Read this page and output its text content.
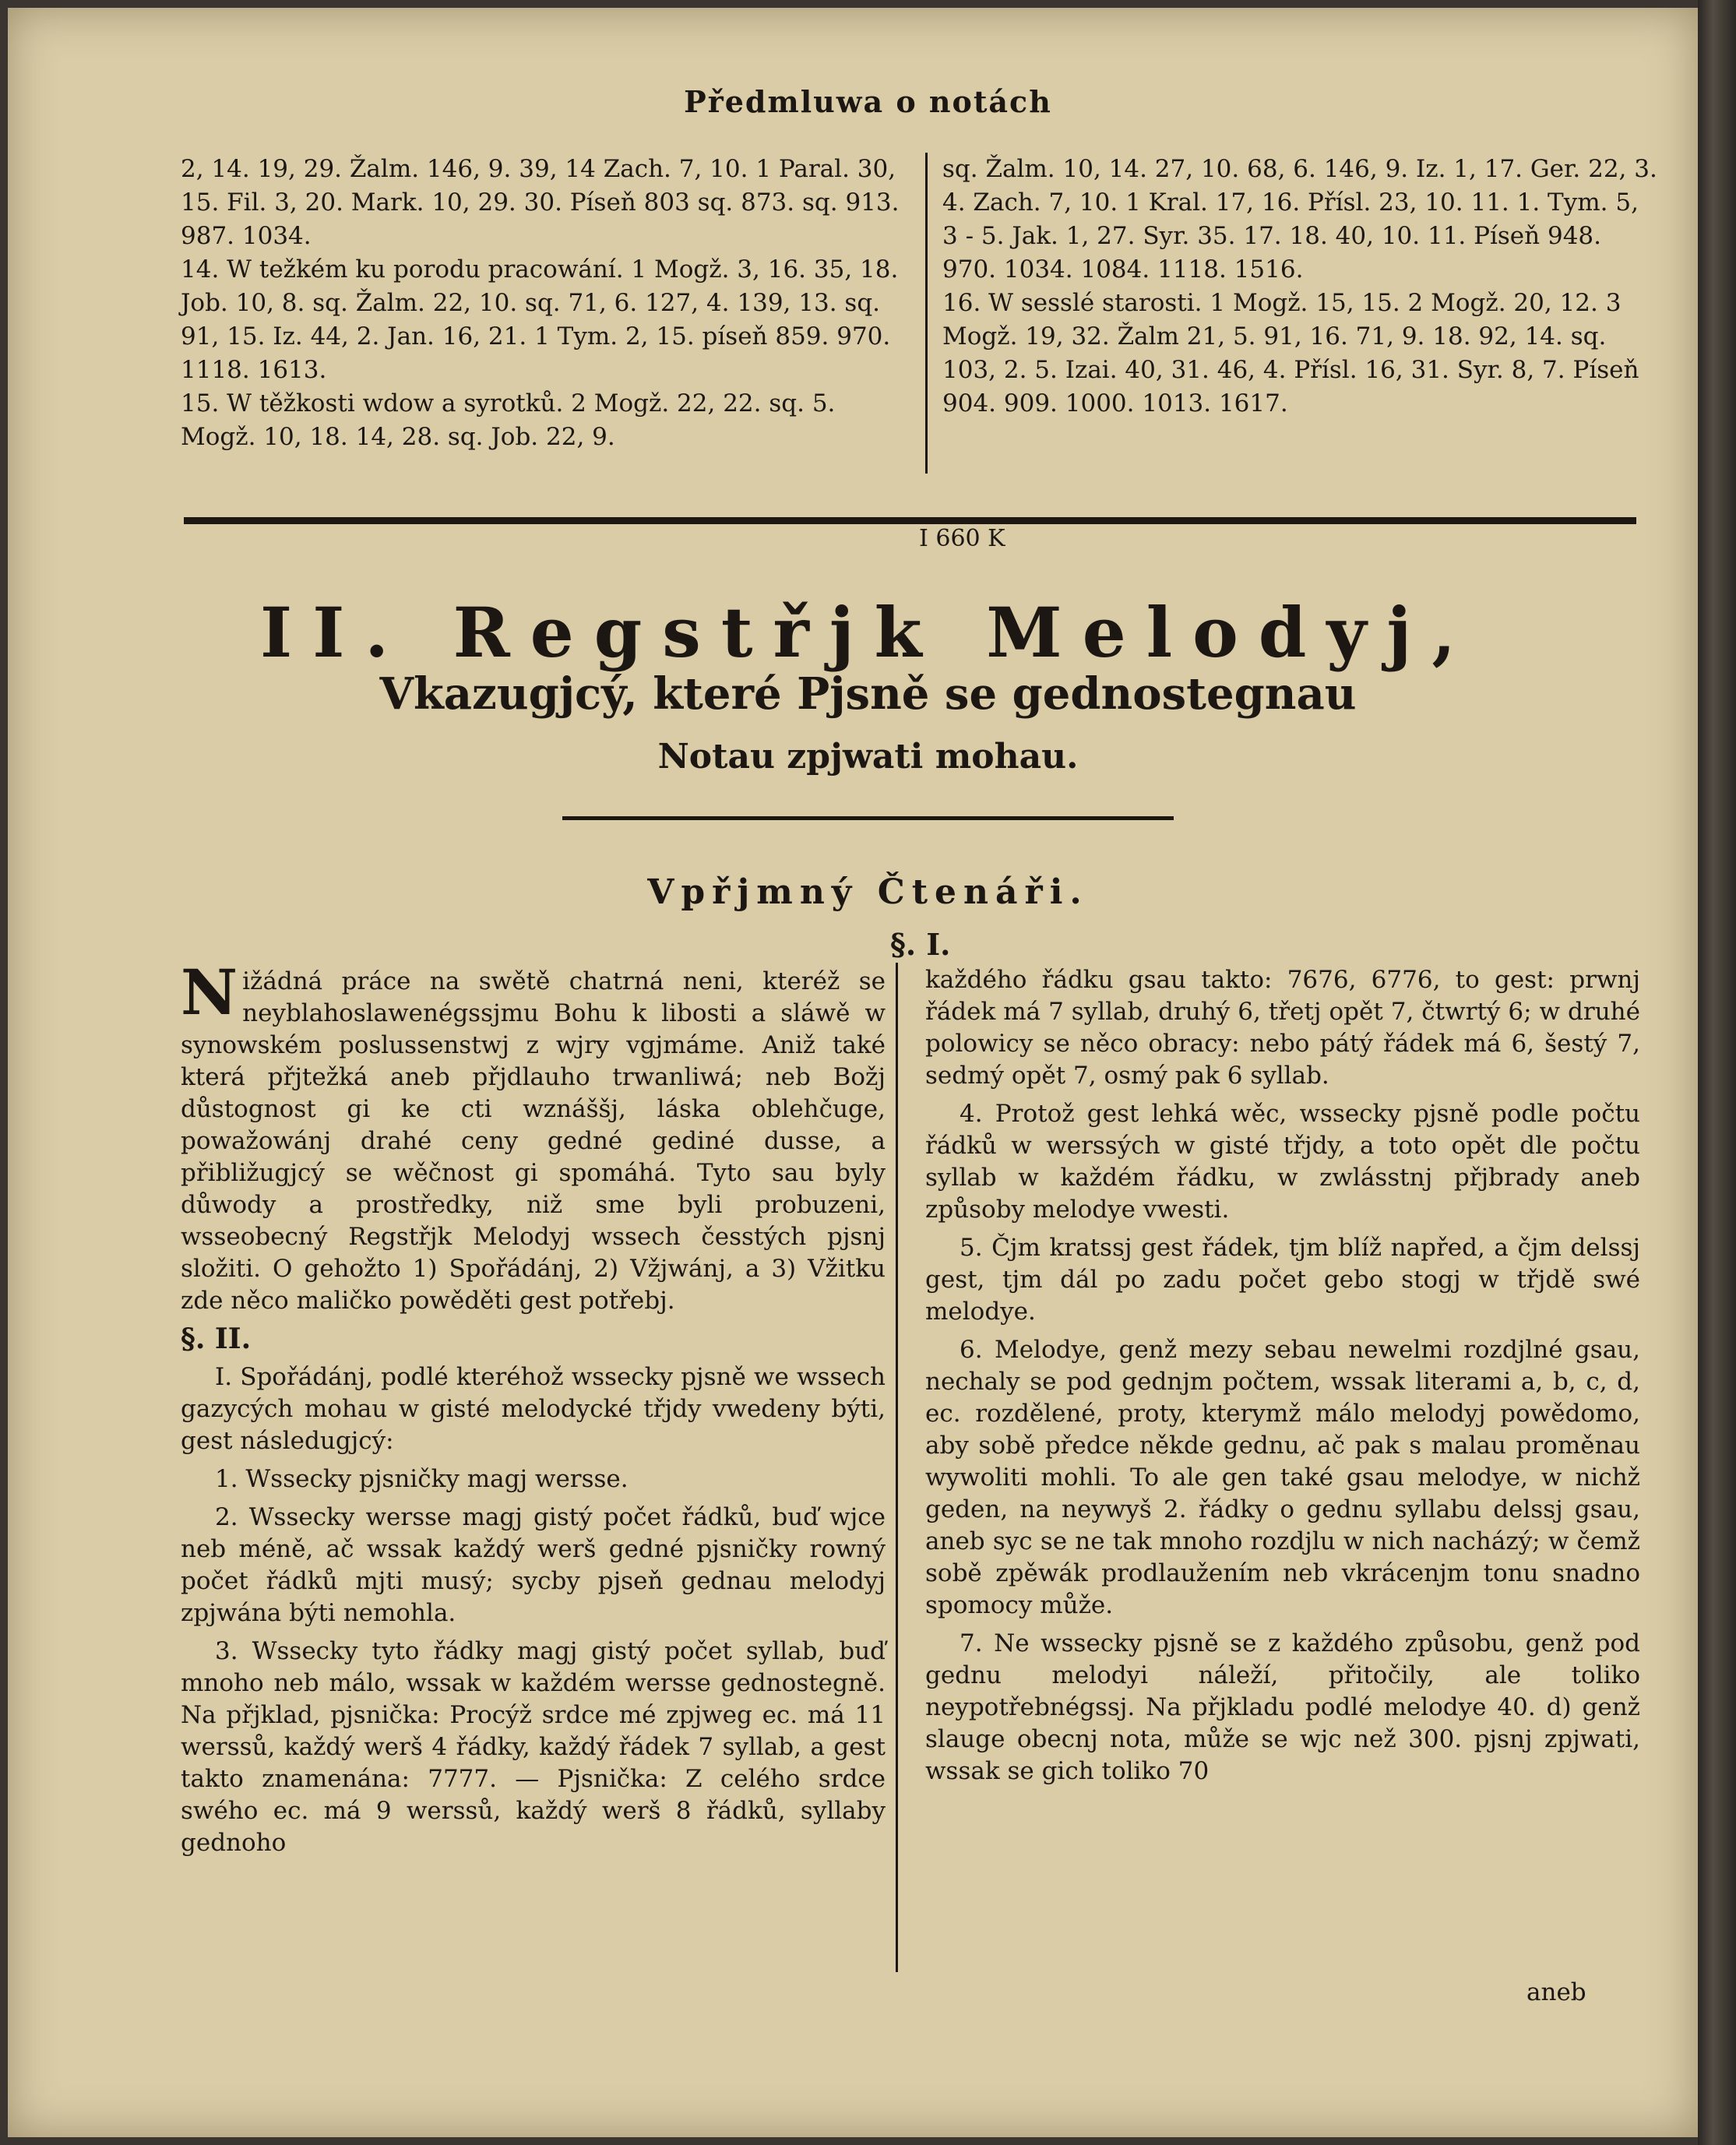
Předmluwa o notách

2, 14. 19, 29. Žalm. 146, 9. 39, 14 Zach. 7, 10. 1 Paral. 30, 15. Fil. 3, 20. Mark. 10, 29. 30. Píseň 803 sq. 873. sq. 913. 987. 1034.

14. W težkém ku porodu pracowání. 1 Mogž. 3, 16. 35, 18. Job. 10, 8. sq. Žalm. 22, 10. sq. 71, 6. 127, 4. 139, 13. sq. 91, 15. Iz. 44, 2. Jan. 16, 21. 1 Tym. 2, 15. píseň 859. 970. 1118. 1613.

15. W těžkosti wdow a syrotků. 2 Mogž. 22, 22. sq. 5. Mogž. 10, 18. 14, 28. sq. Job. 22, 9.

sq. Žalm. 10, 14. 27, 10. 68, 6. 146, 9. Iz. 1, 17. Ger. 22, 3. 4. Zach. 7, 10. 1 Kral. 17, 16. Přísl. 23, 10. 11. 1. Tym. 5, 3 - 5. Jak. 1, 27. Syr. 35. 17. 18. 40, 10. 11. Píseň 948. 970. 1034. 1084. 1118. 1516.

16. W sesslé starosti. 1 Mogž. 15, 15. 2 Mogž. 20, 12. 3 Mogž. 19, 32. Žalm 21, 5. 91, 16. 71, 9. 18. 92, 14. sq. 103, 2. 5. Izai. 40, 31. 46, 4. Přísl. 16, 31. Syr. 8, 7. Píseň 904. 909. 1000. 1013. 1617.

I 660 K
II. Regstřjk Melodyj,
Vkazugjcý, které Pjsně se gednostegnau
Notau zpjwati mohau.
Vpřjmný Čtenáři.
§. I.

Nižádná práce na swětě chatrná neni, kteréž se neyblahoslawenégssjmu Bohu k libosti a sláwě w synowském poslussenstwj z wjry vgjmáme. Aniž také která přjtežká aneb přjdlauho trwanliwá; neb Božj důstognost gi ke cti wznáššj, láska oblehčuge, powažowánj drahé ceny gedné gediné dusse, a přibližugjcý se wěčnost gi spomáhá. Tyto sau byly důwody a prostředky, niž sme byli probuzeni, wsseobecný Regstřjk Melodyj wssech česstých pjsnj složiti. O gehožto 1) Spořádánj, 2) Vžjwánj, a 3) Vžitku zde něco maličko powěděti gest potřebj.

§. II.

I. Spořádánj, podlé kteréhož wssecky pjsně we wssech gazycých mohau w gisté melodycké třjdy vwedeny býti, gest následugjcý:

1. Wssecky pjsničky magj wersse.

2. Wssecky wersse magj gistý počet řádků, buď wjce neb méně, ač wssak každý werš gedné pjsničky rowný počet řádků mjti musý; sycby pjseň gednau melodyj zpjwána býti nemohla.

3. Wssecky tyto řádky magj gistý počet syllab, buď mnoho neb málo, wssak w každém wersse gednostegně. Na přjklad, pjsnička: Procýž srdce mé zpjweg ec. má 11 werssů, každý werš 4 řádky, každý řádek 7 syllab, a gest takto znamenána: 7777. — Pjsnička: Z celého srdce swého ec. má 9 werssů, každý werš 8 řádků, syllaby gednoho

každého řádku gsau takto: 7676, 6776, to gest: prwnj řádek má 7 syllab, druhý 6, třetj opět 7, čtwrtý 6; w druhé polowicy se něco obracy: nebo pátý řádek má 6, šestý 7, sedmý opět 7, osmý pak 6 syllab.

4. Protož gest lehká wěc, wssecky pjsně podle počtu řádků w werssých w gisté třjdy, a toto opět dle počtu syllab w každém řádku, w zwlásstnj přjbrady aneb způsoby melodye vwesti.

5. Čjm kratssj gest řádek, tjm blíž napřed, a čjm delssj gest, tjm dál po zadu počet gebo stogj w třjdě swé melodye.

6. Melodye, genž mezy sebau newelmi rozdjlné gsau, nechaly se pod gednjm počtem, wssak literami a, b, c, d, ec. rozdělené, proty, kterymž málo melodyj powědomo, aby sobě předce někde gednu, ač pak s malau proměnau wywoliti mohli. To ale gen také gsau melodye, w nichž geden, na neywyš 2. řádky o gednu syllabu delssj gsau, aneb syc se ne tak mnoho rozdjlu w nich nacházý; w čemž sobě zpěwák prodlaužením neb vkrácenjm tonu snadno spomocy může.

7. Ne wssecky pjsně se z každého způsobu, genž pod gednu melodyi náleží, přitočily, ale toliko neypotřebnégssj. Na přjkladu podlé melodye 40. d) genž slauge obecnj nota, může se wjc než 300. pjsnj zpjwati, wssak se gich toliko 70

aneb
